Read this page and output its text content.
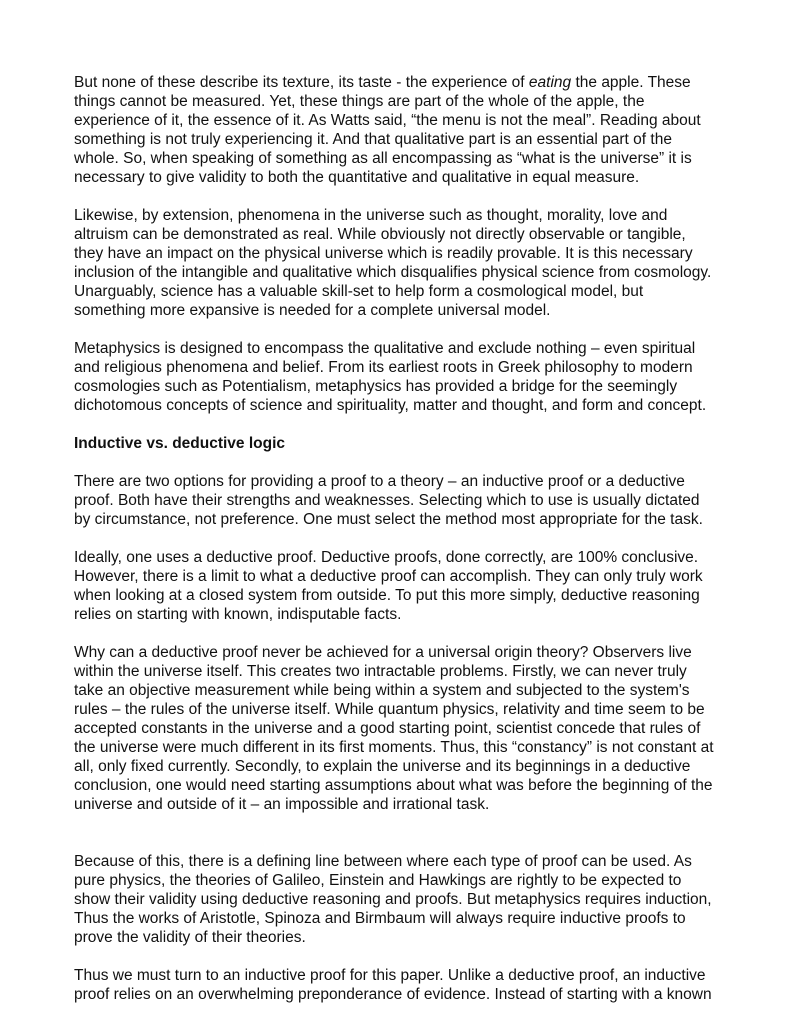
But none of these describe its texture, its taste - the experience of eating the apple. These
things cannot be measured. Yet, these things are part of the whole of the apple, the
experience of it, the essence of it. As Watts said, “the menu is not the meal”. Reading about
something is not truly experiencing it. And that qualitative part is an essential part of the
whole. So, when speaking of something as all encompassing as “what is the universe” it is
necessary to give validity to both the quantitative and qualitative in equal measure.

Likewise, by extension, phenomena in the universe such as thought, morality, love and
altruism can be demonstrated as real. While obviously not directly observable or tangible,
they have an impact on the physical universe which is readily provable. It is this necessary
inclusion of the intangible and qualitative which disqualifies physical science from cosmology.
Unarguably, science has a valuable skill-set to help form a cosmological model, but
something more expansive is needed for a complete universal model.

Metaphysics is designed to encompass the qualitative and exclude nothing – even spiritual
and religious phenomena and belief. From its earliest roots in Greek philosophy to modern
cosmologies such as Potentialism, metaphysics has provided a bridge for the seemingly
dichotomous concepts of science and spirituality, matter and thought, and form and concept.

Inductive vs. deductive logic

There are two options for providing a proof to a theory – an inductive proof or a deductive
proof. Both have their strengths and weaknesses. Selecting which to use is usually dictated
by circumstance, not preference. One must select the method most appropriate for the task.

Ideally, one uses a deductive proof. Deductive proofs, done correctly, are 100% conclusive.
However, there is a limit to what a deductive proof can accomplish. They can only truly work
when looking at a closed system from outside. To put this more simply, deductive reasoning
relies on starting with known, indisputable facts.

Why can a deductive proof never be achieved for a universal origin theory? Observers live
within the universe itself. This creates two intractable problems. Firstly, we can never truly
take an objective measurement while being within a system and subjected to the system's
rules – the rules of the universe itself. While quantum physics, relativity and time seem to be
accepted constants in the universe and a good starting point, scientist concede that rules of
the universe were much different in its first moments. Thus, this “constancy” is not constant at
all, only fixed currently. Secondly, to explain the universe and its beginnings in a deductive
conclusion, one would need starting assumptions about what was before the beginning of the
universe and outside of it – an impossible and irrational task.

Because of this, there is a defining line between where each type of proof can be used. As
pure physics, the theories of Galileo, Einstein and Hawkings are rightly to be expected to
show their validity using deductive reasoning and proofs. But metaphysics requires induction,
Thus the works of Aristotle, Spinoza and Birmbaum will always require inductive proofs to
prove the validity of their theories.

Thus we must turn to an inductive proof for this paper. Unlike a deductive proof, an inductive
proof relies on an overwhelming preponderance of evidence. Instead of starting with a known
